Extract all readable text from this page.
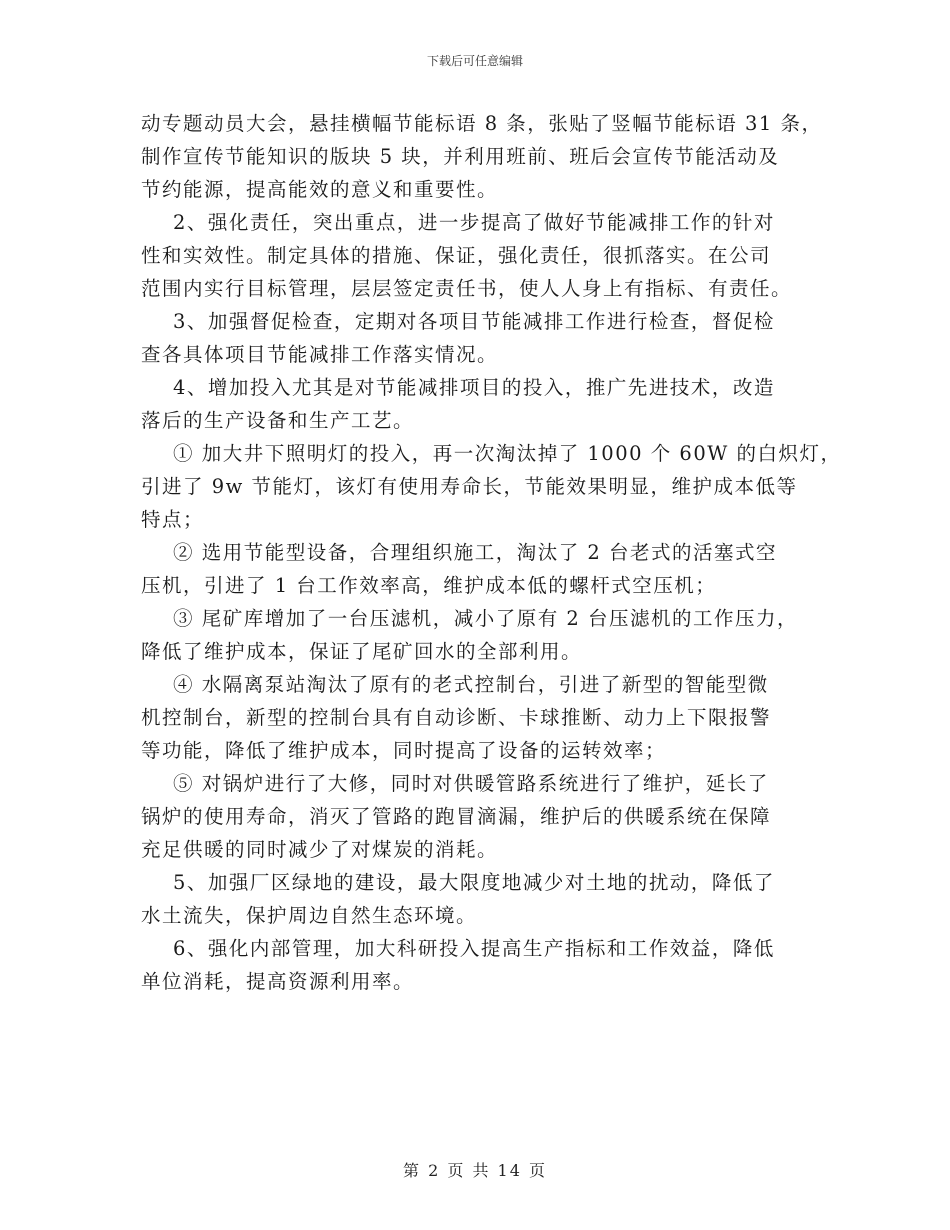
下载后可任意编辑
动专题动员大会，悬挂横幅节能标语 8 条，张贴了竖幅节能标语 31 条，
制作宣传节能知识的版块 5 块，并利用班前、班后会宣传节能活动及
节约能源，提高能效的意义和重要性。
2、强化责任，突出重点，进一步提高了做好节能减排工作的针对
性和实效性。制定具体的措施、保证，强化责任，很抓落实。在公司
范围内实行目标管理，层层签定责任书，使人人身上有指标、有责任。
3、加强督促检查，定期对各项目节能减排工作进行检查，督促检
查各具体项目节能减排工作落实情况。
4、增加投入尤其是对节能减排项目的投入，推广先进技术，改造
落后的生产设备和生产工艺。
① 加大井下照明灯的投入，再一次淘汰掉了 1000 个 60W 的白炽灯，
引进了 9w 节能灯，该灯有使用寿命长，节能效果明显，维护成本低等
特点；
② 选用节能型设备，合理组织施工，淘汰了 2 台老式的活塞式空
压机，引进了 1 台工作效率高，维护成本低的螺杆式空压机；
③ 尾矿库增加了一台压滤机，减小了原有 2 台压滤机的工作压力，
降低了维护成本，保证了尾矿回水的全部利用。
④ 水隔离泵站淘汰了原有的老式控制台，引进了新型的智能型微
机控制台，新型的控制台具有自动诊断、卡球推断、动力上下限报警
等功能，降低了维护成本，同时提高了设备的运转效率；
⑤ 对锅炉进行了大修，同时对供暖管路系统进行了维护，延长了
锅炉的使用寿命，消灭了管路的跑冒滴漏，维护后的供暖系统在保障
充足供暖的同时减少了对煤炭的消耗。
5、加强厂区绿地的建设，最大限度地减少对土地的扰动，降低了
水土流失，保护周边自然生态环境。
6、强化内部管理，加大科研投入提高生产指标和工作效益，降低
单位消耗，提高资源利用率。
第 2 页 共 14 页
